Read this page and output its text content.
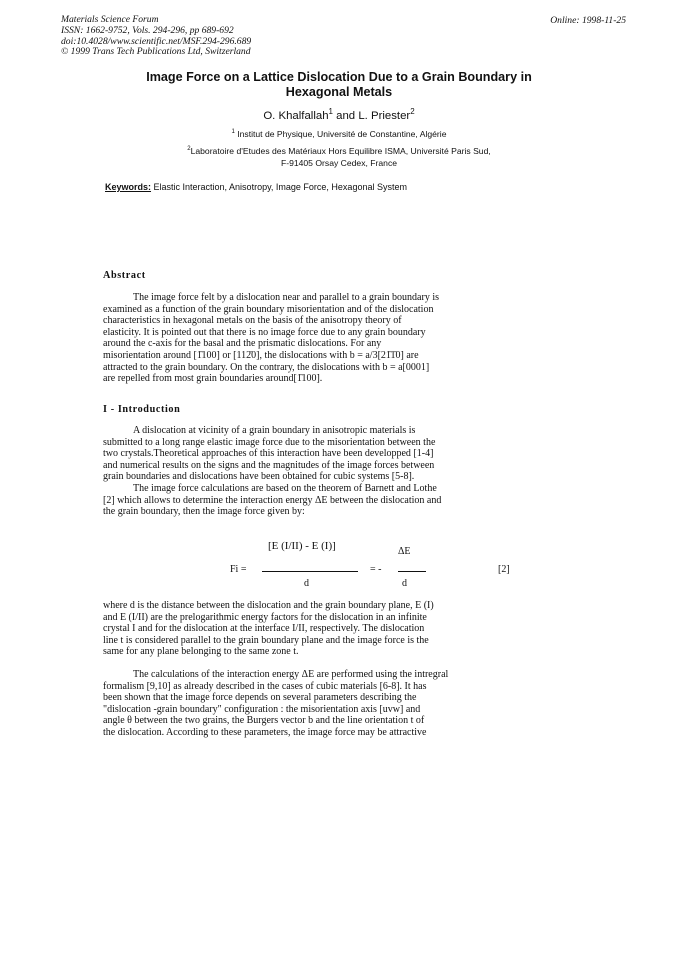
Materials Science Forum
ISSN: 1662-9752, Vols. 294-296, pp 689-692
doi:10.4028/www.scientific.net/MSF.294-296.689
© 1999 Trans Tech Publications Ltd, Switzerland
Online: 1998-11-25
Image Force on a Lattice Dislocation Due to a Grain Boundary in
Hexagonal Metals
O. Khalfallah$^1$ and L. Priester$^2$
$^1$ Institut de Physique, Université de Constantine, Algérie
$^2$Laboratoire d'Etudes des Matériaux Hors Equilibre ISMA, Université Paris Sud,
F-91405 Orsay Cedex, France
Keywords: Elastic Interaction, Anisotropy, Image Force, Hexagonal System
Abstract
The image force felt by a dislocation near and parallel to a grain boundary is
examined as a function of the grain boundary misorientation and of the dislocation
characteristics in hexagonal metals on the basis of the anisotropy theory of
elasticity. It is pointed out that there is no image force due to any grain boundary
around the c-axis for the basal and the prismatic dislocations. For any
misorientation around [1̄100] or [112̄0], the dislocations with b = a/3[21̄1̄0] are
attracted to the grain boundary. On the contrary, the dislocations with b = a[0001]
are repelled from most grain boundaries around[1̄100].
I - Introduction
A dislocation at vicinity of a grain boundary in anisotropic materials is
submitted to a long range elastic image force due to the misorientation between the
two crystals.Theoretical approaches of this interaction have been developped [1-4]
and numerical results on the signs and the magnitudes of the image forces between
grain boundaries and dislocations have been obtained for cubic systems [5-8].
The image force calculations are based on the theorem of Barnett and Lothe
[2] which allows to determine the interaction energy ΔE between the dislocation and
the grain boundary, then the image force given by:
Fi =
[E (I/II) - E (I)]
d
= -
ΔE
d
[2]
where d is the distance between the dislocation and the grain boundary plane, E (I)
and E (I/II) are the prelogarithmic energy factors for the dislocation in an infinite
crystal I and for the dislocation at the interface I/II, respectively. The dislocation
line t is considered parallel to the grain boundary plane and the image force is the
same for any plane belonging to the same zone t.
The calculations of the interaction energy ΔE are performed using the intregral
formalism [9,10] as already described in the cases of cubic materials [6-8]. It has
been shown that the image force depends on several parameters describing the
"dislocation -grain boundary" configuration : the misorientation axis [uvw] and
angle θ between the two grains, the Burgers vector b and the line orientation t of
the dislocation. According to these parameters, the image force may be attractive
